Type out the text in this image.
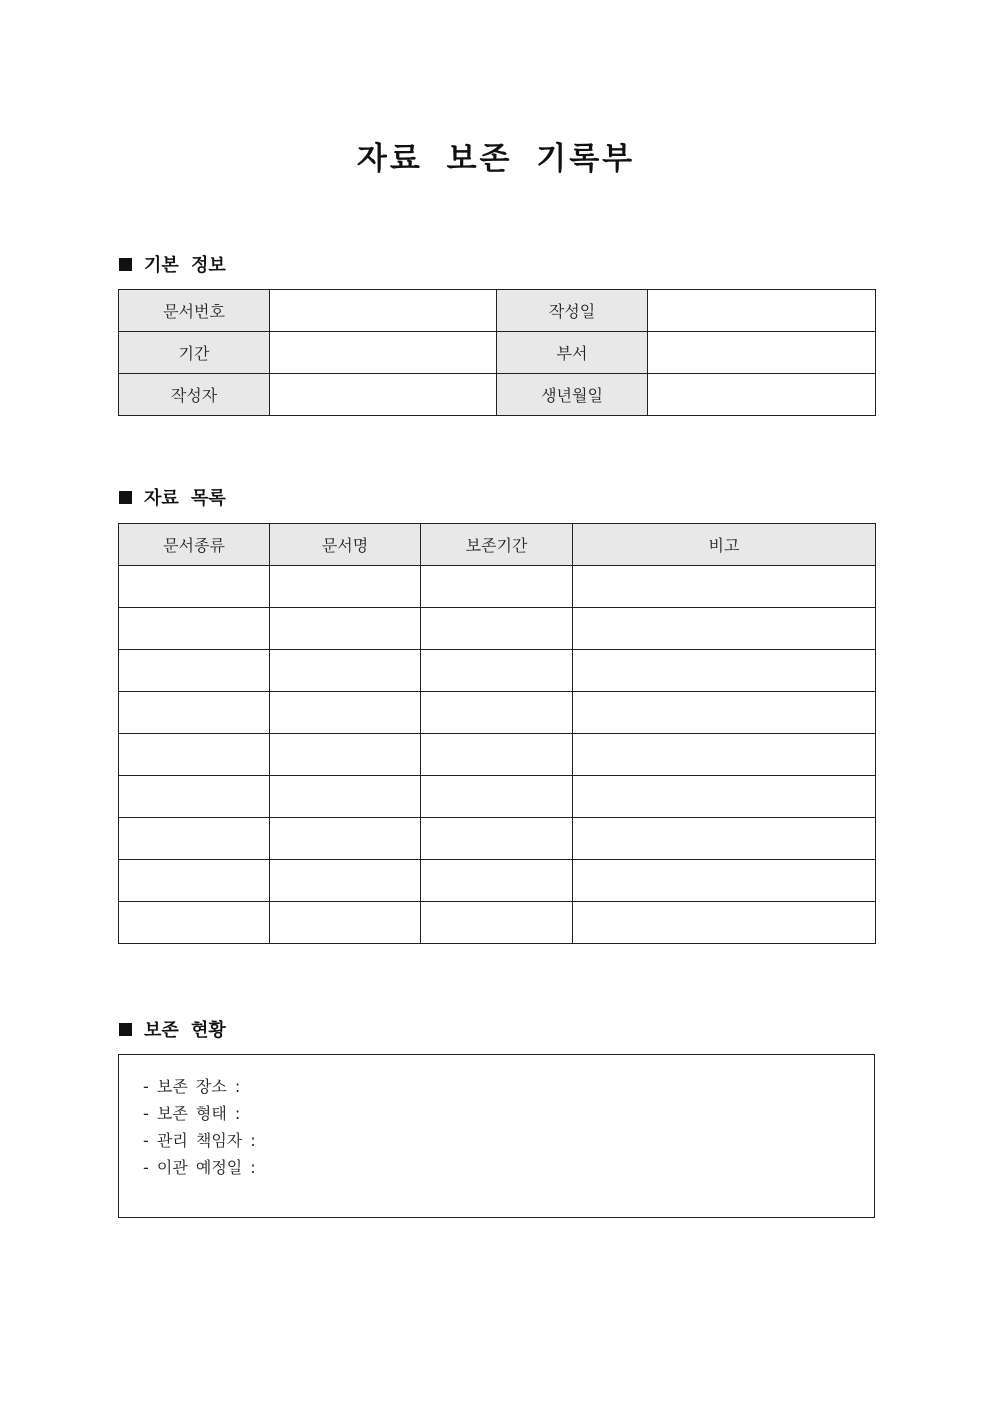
자료 보존 기록부
기본 정보
문서번호		작성일	
기간		부서	
작성자		생년월일	
자료 목록
문서종류	문서명	보존기간	비고

보존 현황
- 보존 장소 :
- 보존 형태 :
- 관리 책임자 :
- 이관 예정일 :
